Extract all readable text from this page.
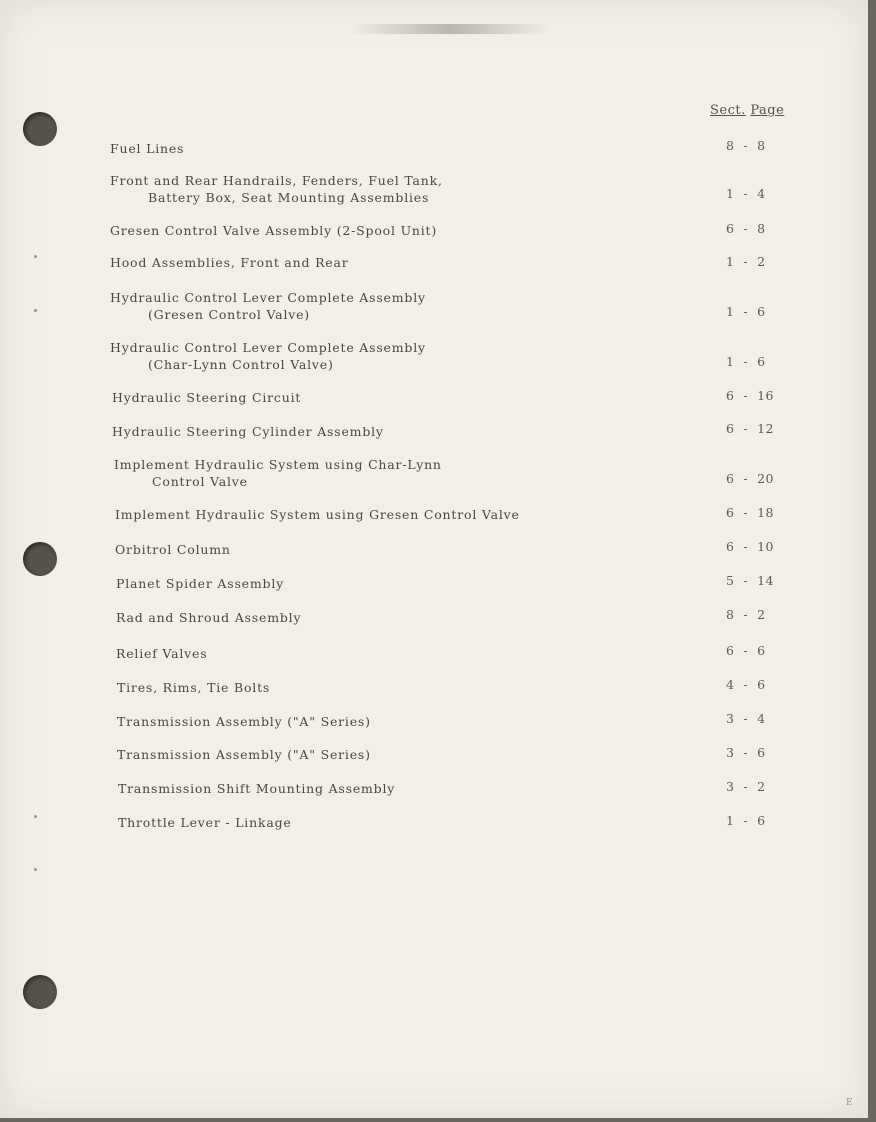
Sect. Page
Fuel Lines	8  -  8
Front and Rear Handrails, Fenders, Fuel Tank,
Battery Box, Seat Mounting Assemblies	1  -  4
Gresen Control Valve Assembly (2-Spool Unit)	6  -  8
Hood Assemblies, Front and Rear	1  -  2
Hydraulic Control Lever Complete Assembly
(Gresen Control Valve)	1  -  6
Hydraulic Control Lever Complete Assembly
(Char-Lynn Control Valve)	1  -  6
Hydraulic Steering Circuit	6  -  16
Hydraulic Steering Cylinder Assembly	6  -  12
Implement Hydraulic System using Char-Lynn
Control Valve	6  -  20
Implement Hydraulic System using Gresen Control Valve	6  -  18
Orbitrol Column	6  -  10
Planet Spider Assembly	5  -  14
Rad and Shroud Assembly	8  -  2
Relief Valves	6  -  6
Tires, Rims, Tie Bolts	4  -  6
Transmission Assembly ("A" Series)	3  -  4
Transmission Assembly ("A" Series)	3  -  6
Transmission Shift Mounting Assembly	3  -  2
Throttle Lever - Linkage	1  -  6
E
